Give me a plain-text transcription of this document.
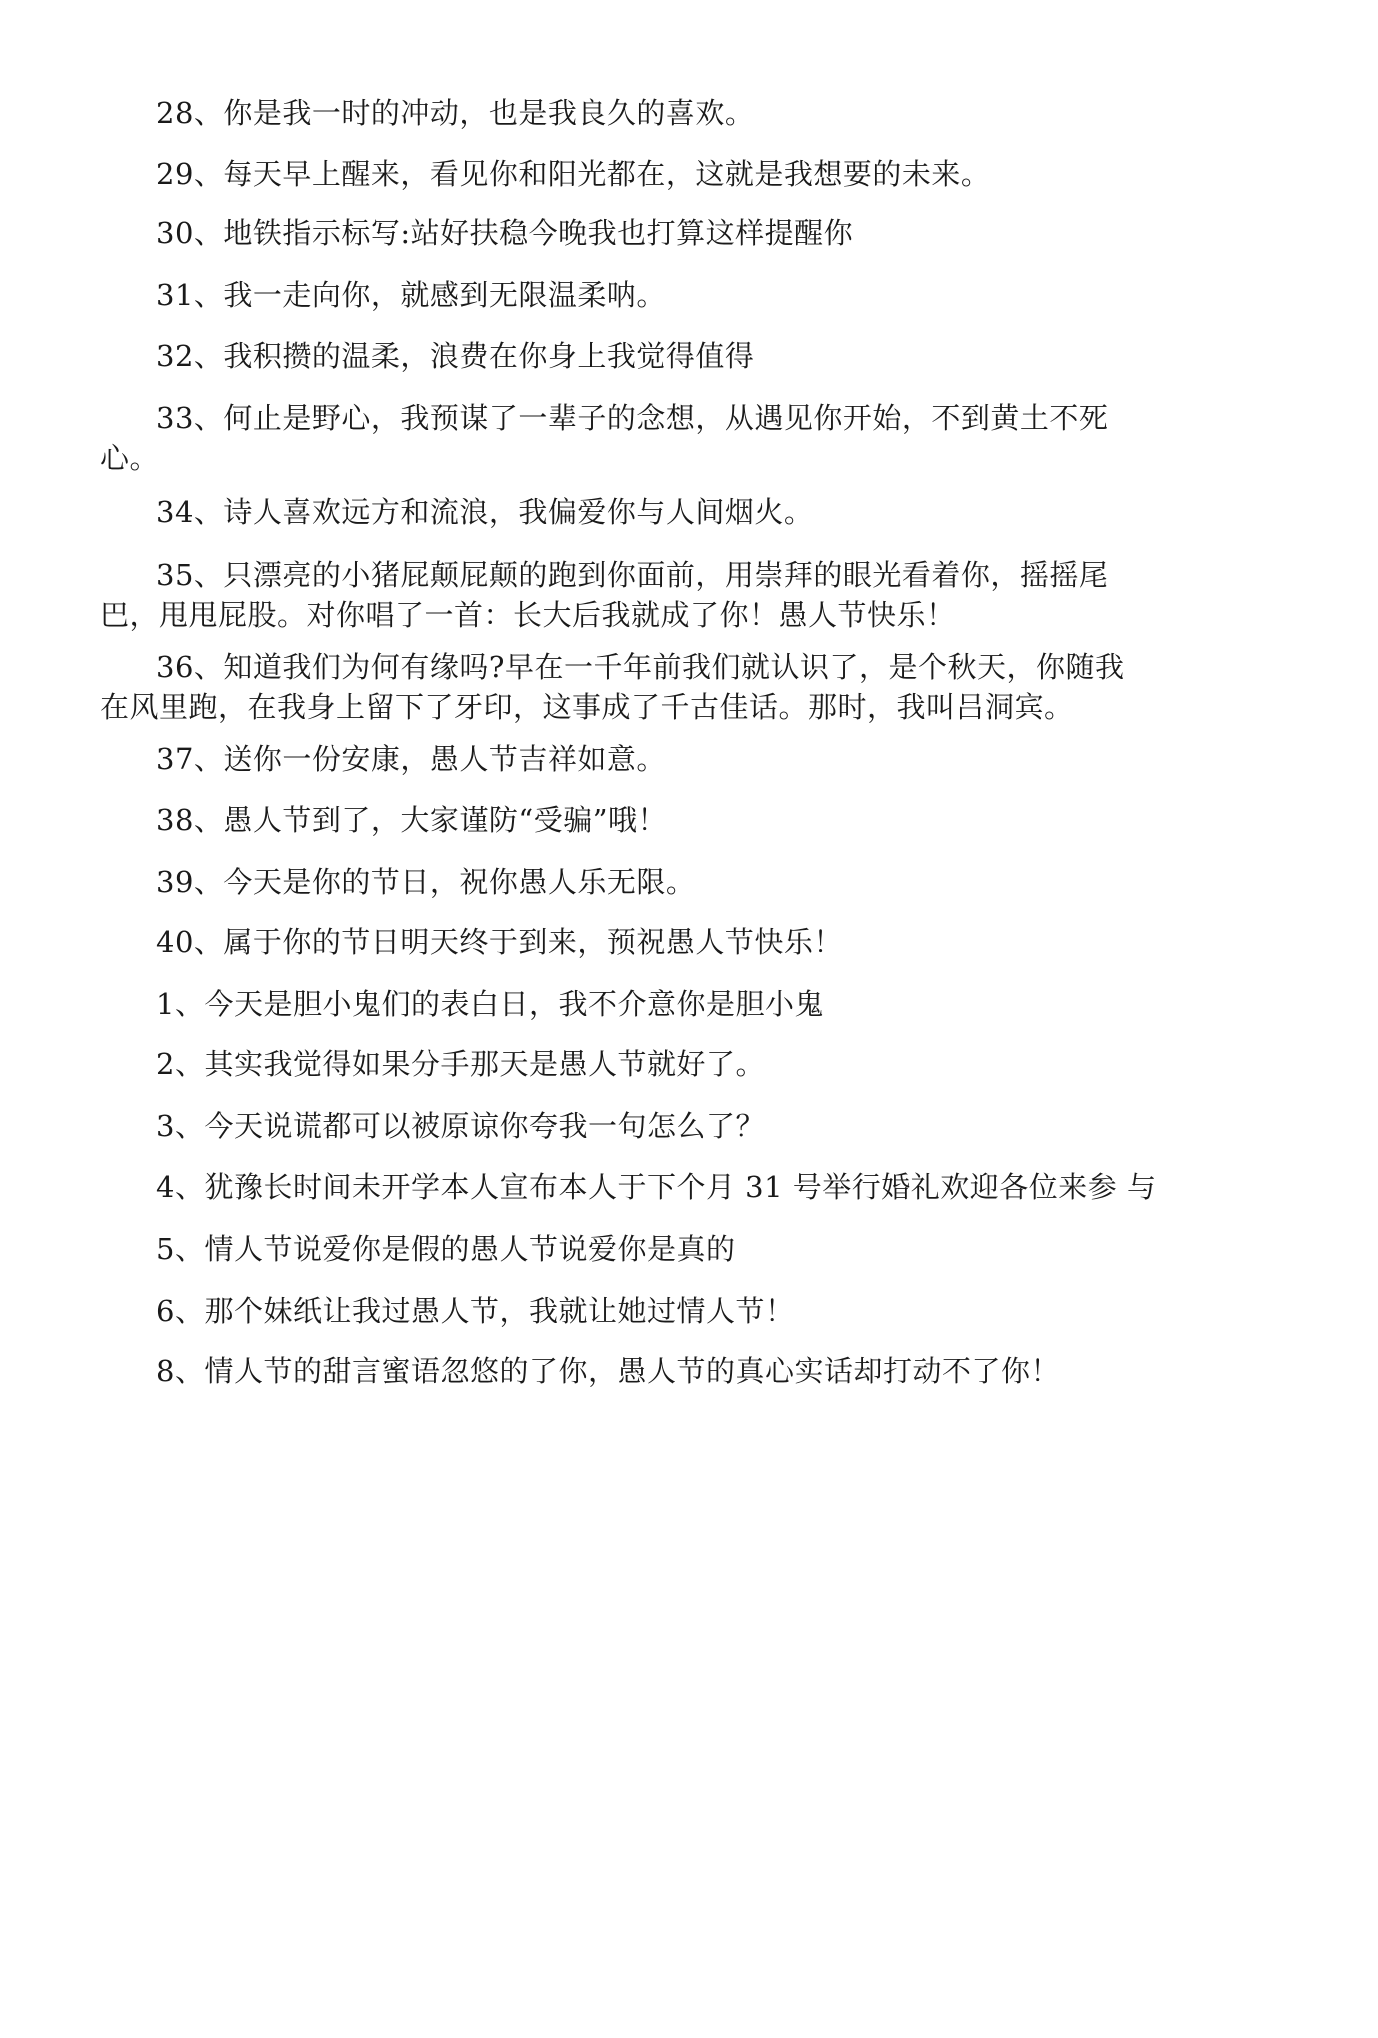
28、你是我一时的冲动，也是我良久的喜欢。
29、每天早上醒来，看见你和阳光都在，这就是我想要的未来。
30、地铁指示标写:站好扶稳今晚我也打算这样提醒你
31、我一走向你，就感到无限温柔呐。
32、我积攒的温柔，浪费在你身上我觉得值得
33、何止是野心，我预谋了一辈子的念想，从遇见你开始，不到黄土不死
心。
34、诗人喜欢远方和流浪，我偏爱你与人间烟火。
35、只漂亮的小猪屁颠屁颠的跑到你面前，用崇拜的眼光看着你，摇摇尾
巴，甩甩屁股。对你唱了一首：长大后我就成了你！愚人节快乐！
36、知道我们为何有缘吗?早在一千年前我们就认识了，是个秋天，你随我
在风里跑，在我身上留下了牙印，这事成了千古佳话。那时，我叫吕洞宾。
37、送你一份安康，愚人节吉祥如意。
38、愚人节到了，大家谨防“受骗”哦！
39、今天是你的节日，祝你愚人乐无限。
40、属于你的节日明天终于到来，预祝愚人节快乐！
1、今天是胆小鬼们的表白日，我不介意你是胆小鬼
2、其实我觉得如果分手那天是愚人节就好了。
3、今天说谎都可以被原谅你夸我一句怎么了？
4、犹豫长时间未开学本人宣布本人于下个月 31 号举行婚礼欢迎各位来参 与
5、情人节说爱你是假的愚人节说爱你是真的
6、那个妹纸让我过愚人节，我就让她过情人节！
8、情人节的甜言蜜语忽悠的了你，愚人节的真心实话却打动不了你！
